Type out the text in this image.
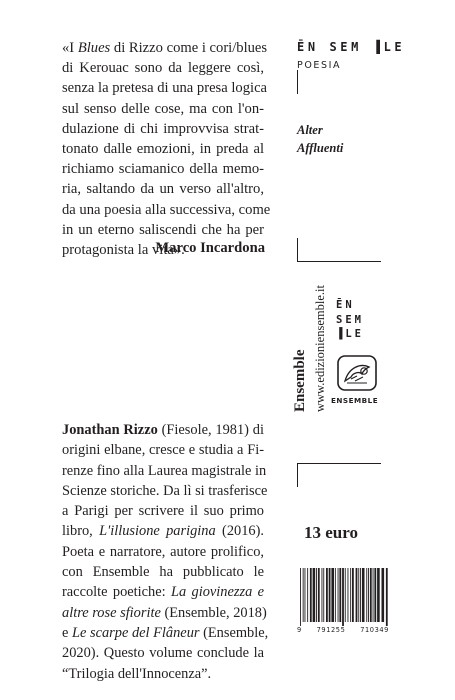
«I Blues di Rizzo come i cori/blues
di Kerouac sono da leggere così,
senza la pretesa di una presa logica
sul senso delle cose, ma con l'on-
dulazione di chi improvvisa strat-
tonato dalle emozioni, in preda al
richiamo sciamanico della memo-
ria, saltando da un verso all'altro,
da una poesia alla successiva, come
in un eterno saliscendi che ha per
protagonista la vita».
Marco Incardona
ĒN SEM ▐LE
POESIA
Alter
Affluenti
Ensemble www.edizioniensemble.it ĒN
SEM
▐LE
ENSEMBLE
Jonathan Rizzo (Fiesole, 1981) di
origini elbane, cresce e studia a Fi-
renze fino alla Laurea magistrale in
Scienze storiche. Da lì si trasferisce
a Parigi per scrivere il suo primo
libro, L'illusione parigina (2016).
Poeta e narratore, autore prolifico,
con Ensemble ha pubblicato le
raccolte poetiche: La giovinezza e
altre rose sfiorite (Ensemble, 2018)
e Le scarpe del Flâneur (Ensemble,
2020). Questo volume conclude la
“Trilogia dell'Innocenza”.
13 euro
9 791255 710349
